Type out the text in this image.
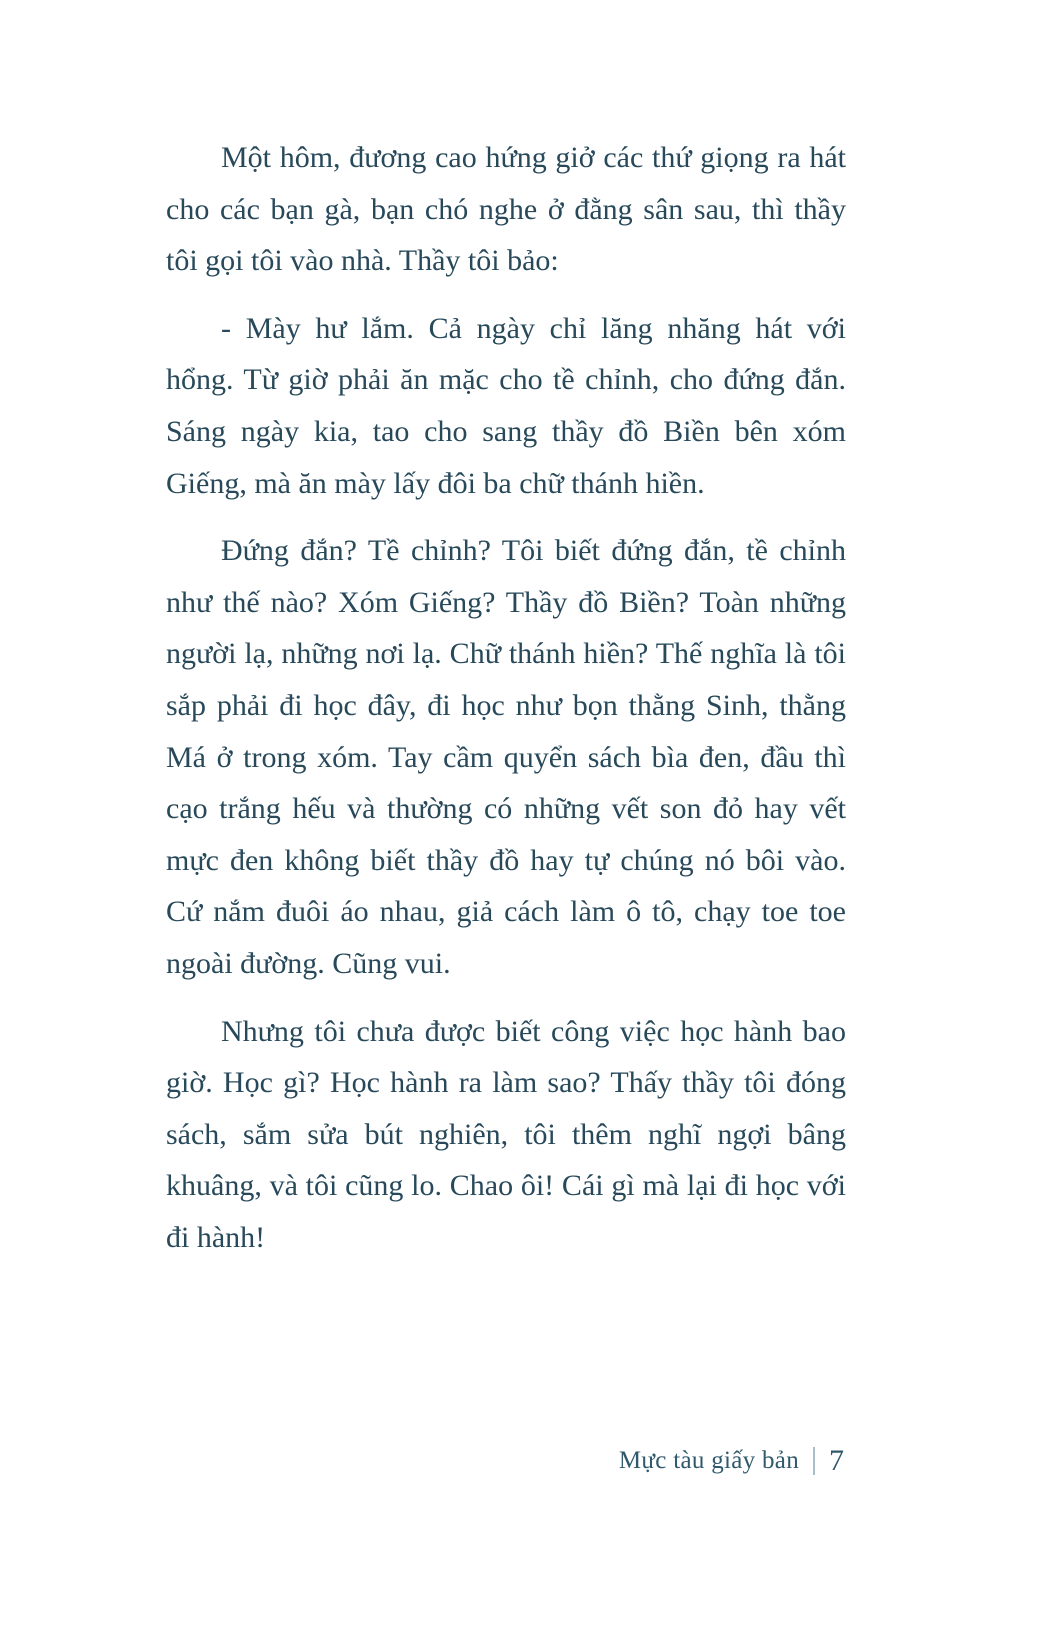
Một hôm, đương cao hứng giở các thứ giọng ra hát cho các bạn gà, bạn chó nghe ở đằng sân sau, thì thầy tôi gọi tôi vào nhà. Thầy tôi bảo:

- Mày hư lắm. Cả ngày chỉ lăng nhăng hát với hổng. Từ giờ phải ăn mặc cho tề chỉnh, cho đứng đắn. Sáng ngày kia, tao cho sang thầy đồ Biền bên xóm Giếng, mà ăn mày lấy đôi ba chữ thánh hiền.

Đứng đắn? Tề chỉnh? Tôi biết đứng đắn, tề chỉnh như thế nào? Xóm Giếng? Thầy đồ Biền? Toàn những người lạ, những nơi lạ. Chữ thánh hiền? Thế nghĩa là tôi sắp phải đi học đây, đi học như bọn thằng Sinh, thằng Má ở trong xóm. Tay cầm quyển sách bìa đen, đầu thì cạo trắng hếu và thường có những vết son đỏ hay vết mực đen không biết thầy đồ hay tự chúng nó bôi vào. Cứ nắm đuôi áo nhau, giả cách làm ô tô, chạy toe toe ngoài đường. Cũng vui.

Nhưng tôi chưa được biết công việc học hành bao giờ. Học gì? Học hành ra làm sao? Thấy thầy tôi đóng sách, sắm sửa bút nghiên, tôi thêm nghĩ ngợi bâng khuâng, và tôi cũng lo. Chao ôi! Cái gì mà lại đi học với đi hành!

Mực tàu giấy bản 7
